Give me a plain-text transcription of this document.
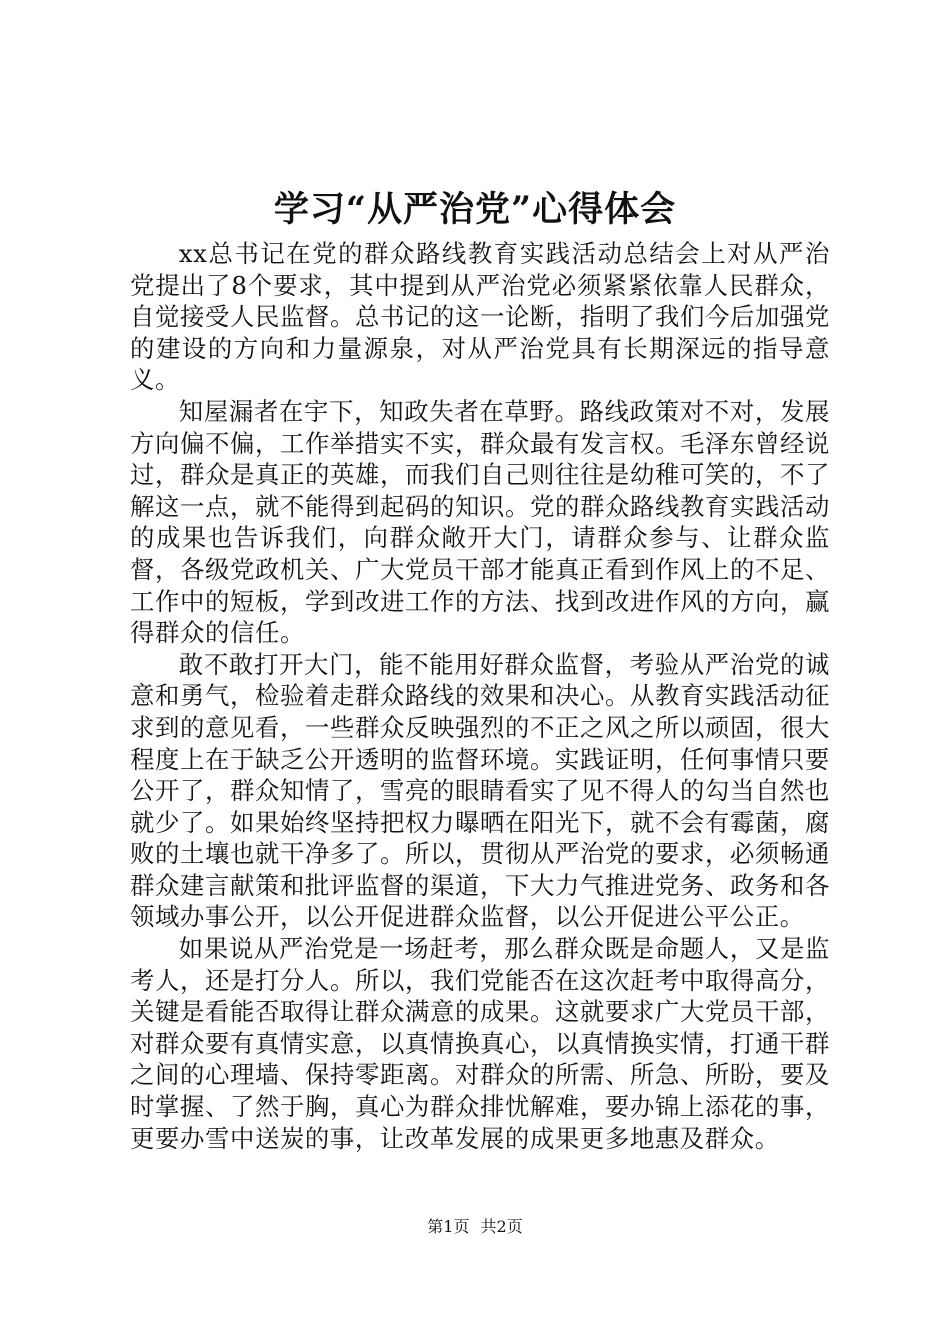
学习“从严治党”心得体会

xx总书记在党的群众路线教育实践活动总结会上对从严治党提出了8个要求，其中提到从严治党必须紧紧依靠人民群众，自觉接受人民监督。总书记的这一论断，指明了我们今后加强党的建设的方向和力量源泉，对从严治党具有长期深远的指导意义。

知屋漏者在宇下，知政失者在草野。路线政策对不对，发展方向偏不偏，工作举措实不实，群众最有发言权。毛泽东曾经说过，群众是真正的英雄，而我们自己则往往是幼稚可笑的，不了解这一点，就不能得到起码的知识。党的群众路线教育实践活动的成果也告诉我们，向群众敞开大门，请群众参与、让群众监督，各级党政机关、广大党员干部才能真正看到作风上的不足、工作中的短板，学到改进工作的方法、找到改进作风的方向，赢得群众的信任。

敢不敢打开大门，能不能用好群众监督，考验从严治党的诚意和勇气，检验着走群众路线的效果和决心。从教育实践活动征求到的意见看，一些群众反映强烈的不正之风之所以顽固，很大程度上在于缺乏公开透明的监督环境。实践证明，任何事情只要公开了，群众知情了，雪亮的眼睛看实了见不得人的勾当自然也就少了。如果始终坚持把权力曝晒在阳光下，就不会有霉菌，腐败的土壤也就干净多了。所以，贯彻从严治党的要求，必须畅通群众建言献策和批评监督的渠道，下大力气推进党务、政务和各领域办事公开，以公开促进群众监督，以公开促进公平公正。

如果说从严治党是一场赶考，那么群众既是命题人，又是监考人，还是打分人。所以，我们党能否在这次赶考中取得高分，关键是看能否取得让群众满意的成果。这就要求广大党员干部，对群众要有真情实意，以真情换真心，以真情换实情，打通干群之间的心理墙、保持零距离。对群众的所需、所急、所盼，要及时掌握、了然于胸，真心为群众排忧解难，要办锦上添花的事，更要办雪中送炭的事，让改革发展的成果更多地惠及群众。

第1页 共2页
